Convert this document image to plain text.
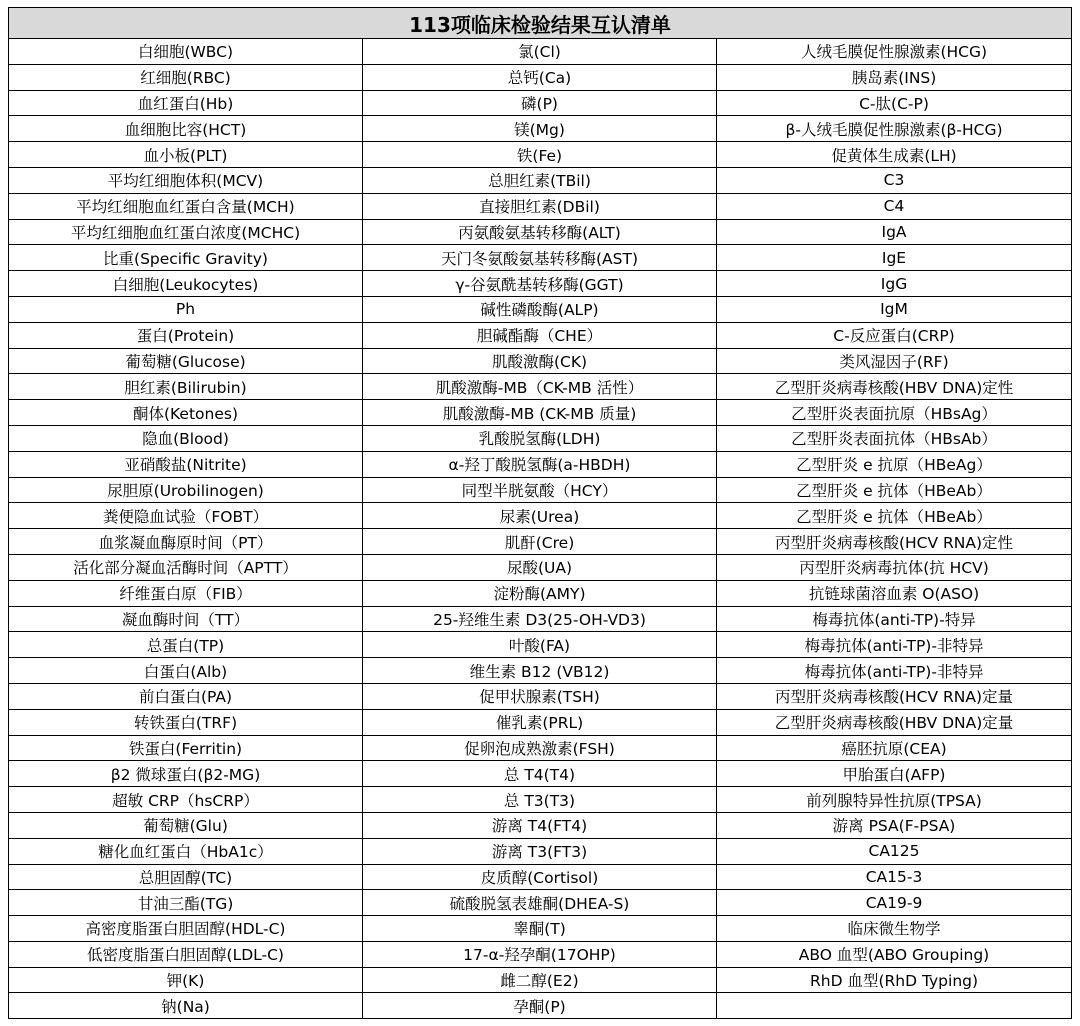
113项临床检验结果互认清单		
白细胞(WBC)	氯(Cl)	人绒毛膜促性腺激素(HCG)
红细胞(RBC)	总钙(Ca)	胰岛素(INS)
血红蛋白(Hb)	磷(P)	C-肽(C-P)
血细胞比容(HCT)	镁(Mg)	β-人绒毛膜促性腺激素(β-HCG)
血小板(PLT)	铁(Fe)	促黄体生成素(LH)
平均红细胞体积(MCV)	总胆红素(TBil)	C3
平均红细胞血红蛋白含量(MCH)	直接胆红素(DBil)	C4
平均红细胞血红蛋白浓度(MCHC)	丙氨酸氨基转移酶(ALT)	IgA
比重(Specific Gravity)	天门冬氨酸氨基转移酶(AST)	IgE
白细胞(Leukocytes)	γ-谷氨酰基转移酶(GGT)	IgG
Ph	碱性磷酸酶(ALP)	IgM
蛋白(Protein)	胆碱酯酶（CHE）	C-反应蛋白(CRP)
葡萄糖(Glucose)	肌酸激酶(CK)	类风湿因子(RF)
胆红素(Bilirubin)	肌酸激酶-MB（CK-MB 活性）	乙型肝炎病毒核酸(HBV DNA)定性
酮体(Ketones)	肌酸激酶-MB (CK-MB 质量)	乙型肝炎表面抗原（HBsAg）
隐血(Blood)	乳酸脱氢酶(LDH)	乙型肝炎表面抗体（HBsAb）
亚硝酸盐(Nitrite)	α-羟丁酸脱氢酶(a-HBDH)	乙型肝炎 e 抗原（HBeAg）
尿胆原(Urobilinogen)	同型半胱氨酸（HCY）	乙型肝炎 e 抗体（HBeAb）
粪便隐血试验（FOBT）	尿素(Urea)	乙型肝炎 e 抗体（HBeAb）
血浆凝血酶原时间（PT）	肌酐(Cre)	丙型肝炎病毒核酸(HCV RNA)定性
活化部分凝血活酶时间（APTT）	尿酸(UA)	丙型肝炎病毒抗体(抗 HCV)
纤维蛋白原（FIB）	淀粉酶(AMY)	抗链球菌溶血素 O(ASO)
凝血酶时间（TT）	25-羟维生素 D3(25-OH-VD3)	梅毒抗体(anti-TP)-特异
总蛋白(TP)	叶酸(FA)	梅毒抗体(anti-TP)-非特异
白蛋白(Alb)	维生素 B12 (VB12)	梅毒抗体(anti-TP)-非特异
前白蛋白(PA)	促甲状腺素(TSH)	丙型肝炎病毒核酸(HCV RNA)定量
转铁蛋白(TRF)	催乳素(PRL)	乙型肝炎病毒核酸(HBV DNA)定量
铁蛋白(Ferritin)	促卵泡成熟激素(FSH)	癌胚抗原(CEA)
β2 微球蛋白(β2-MG)	总 T4(T4)	甲胎蛋白(AFP)
超敏 CRP（hsCRP）	总 T3(T3)	前列腺特异性抗原(TPSA)
葡萄糖(Glu)	游离 T4(FT4)	游离 PSA(F-PSA)
糖化血红蛋白（HbA1c）	游离 T3(FT3)	CA125
总胆固醇(TC)	皮质醇(Cortisol)	CA15-3
甘油三酯(TG)	硫酸脱氢表雄酮(DHEA-S)	CA19-9
高密度脂蛋白胆固醇(HDL-C)	睾酮(T)	临床微生物学
低密度脂蛋白胆固醇(LDL-C)	17-α-羟孕酮(17OHP)	ABO 血型(ABO Grouping)
钾(K)	雌二醇(E2)	RhD 血型(RhD Typing)
钠(Na)	孕酮(P)	
